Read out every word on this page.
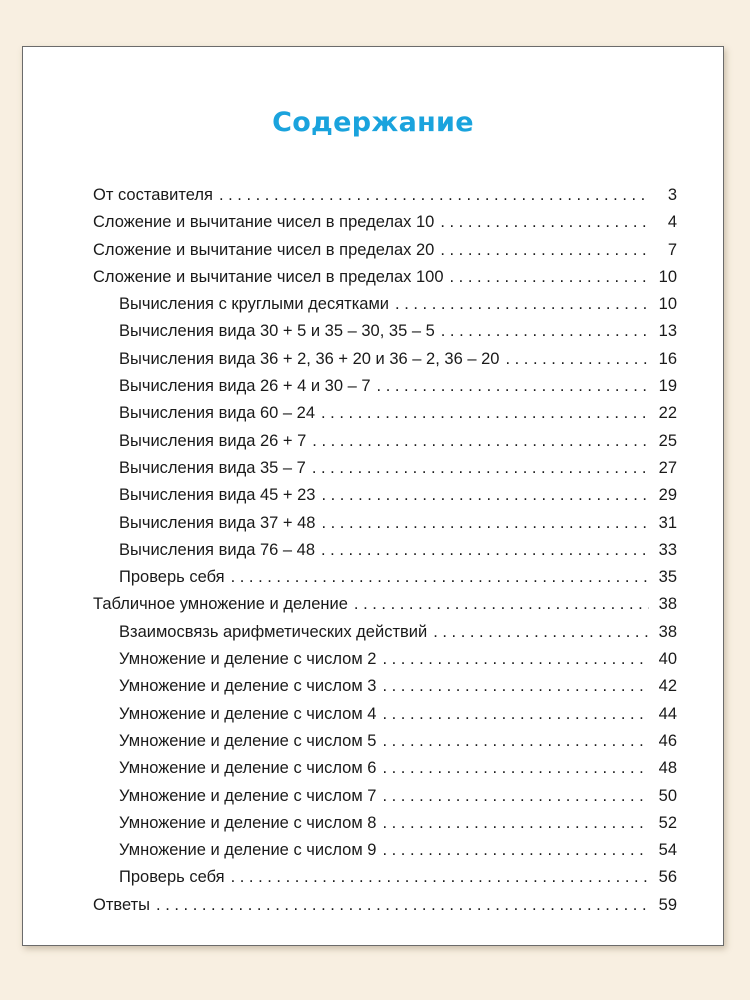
Содержание
От составителя . . .	3
Сложение и вычитание чисел в пределах 10 . . .	4
Сложение и вычитание чисел в пределах 20 . . .	7
Сложение и вычитание чисел в пределах 100 . . .	10
Вычисления с круглыми десятками . . .	10
Вычисления вида 30 + 5 и 35 – 30, 35 – 5 . . .	13
Вычисления вида 36 + 2, 36 + 20 и 36 – 2, 36 – 20 . . .	16
Вычисления вида 26 + 4 и 30 – 7 . . .	19
Вычисления вида 60 – 24 . . .	22
Вычисления вида 26 + 7 . . .	25
Вычисления вида 35 – 7 . . .	27
Вычисления вида 45 + 23 . . .	29
Вычисления вида 37 + 48 . . .	31
Вычисления вида 76 – 48 . . .	33
Проверь себя . . .	35
Табличное умножение и деление . . .	38
Взаимосвязь арифметических действий . . .	38
Умножение и деление с числом 2 . . .	40
Умножение и деление с числом 3 . . .	42
Умножение и деление с числом 4 . . .	44
Умножение и деление с числом 5 . . .	46
Умножение и деление с числом 6 . . .	48
Умножение и деление с числом 7 . . .	50
Умножение и деление с числом 8 . . .	52
Умножение и деление с числом 9 . . .	54
Проверь себя . . .	56
Ответы . . .	59
